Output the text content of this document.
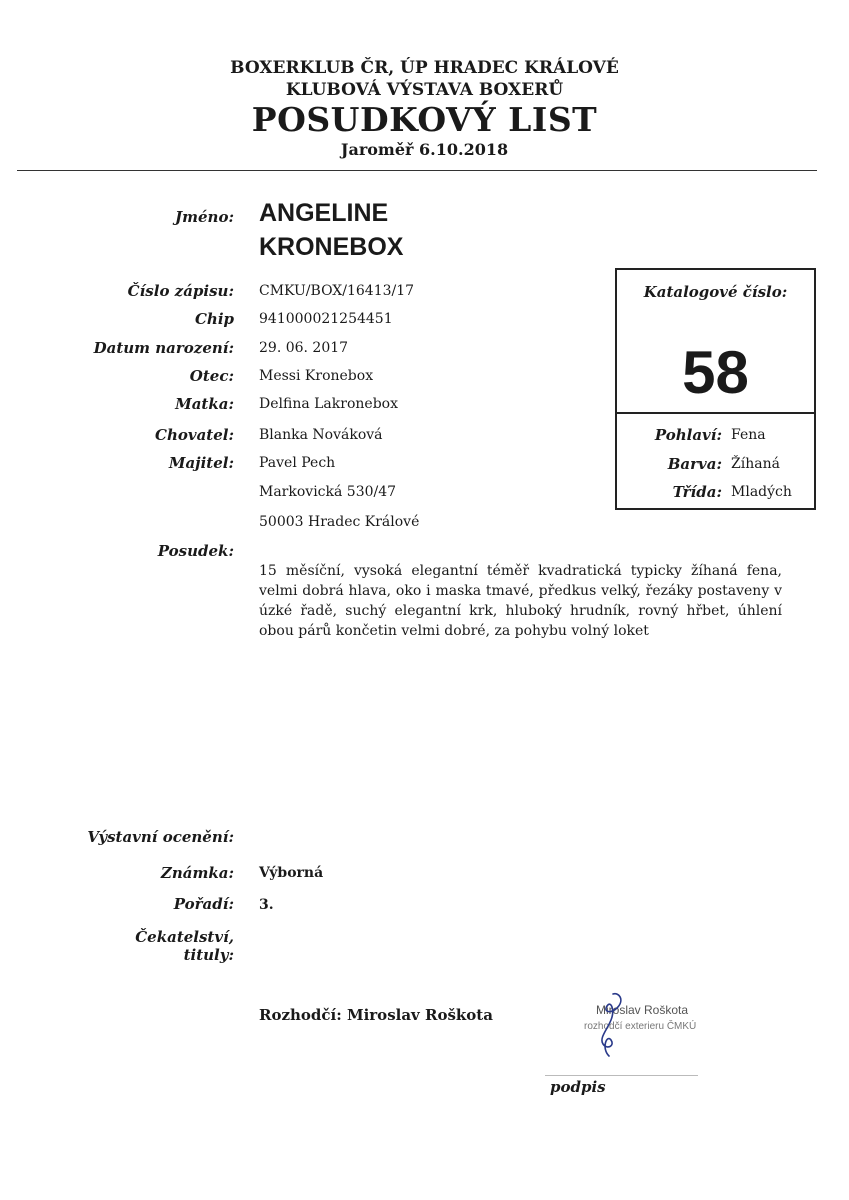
BOXERKLUB ČR, ÚP HRADEC KRÁLOVÉ
KLUBOVÁ VÝSTAVA BOXERŮ
POSUDKOVÝ LIST
Jaroměř 6.10.2018
Jméno: ANGELINE
KRONEBOX
Číslo zápisu: CMKU/BOX/16413/17
Chip 941000021254451
Datum narození: 29. 06. 2017
Otec: Messi Kronebox
Matka: Delfina Lakronebox
Chovatel: Blanka Nováková
Majitel: Pavel Pech
Markovická 530/47
50003 Hradec Králové
Katalogové číslo:
58
Pohlaví: Fena
Barva: Žíhaná
Třída: Mladých
Posudek:
15 měsíční, vysoká elegantní téměř kvadratická typicky žíhaná fena, velmi dobrá hlava, oko i maska tmavé, předkus velký, řezáky postaveny v úzké řadě, suchý elegantní krk, hluboký hrudník, rovný hřbet, úhlení obou párů končetin velmi dobré, za pohybu volný loket
Výstavní ocenění:
Známka: Výborná
Pořadí: 3.
Čekatelství,
tituly:
Rozhodčí: Miroslav Roškota	Miroslav Roškota
rozhodčí exterieru ČMKÚ
podpis
